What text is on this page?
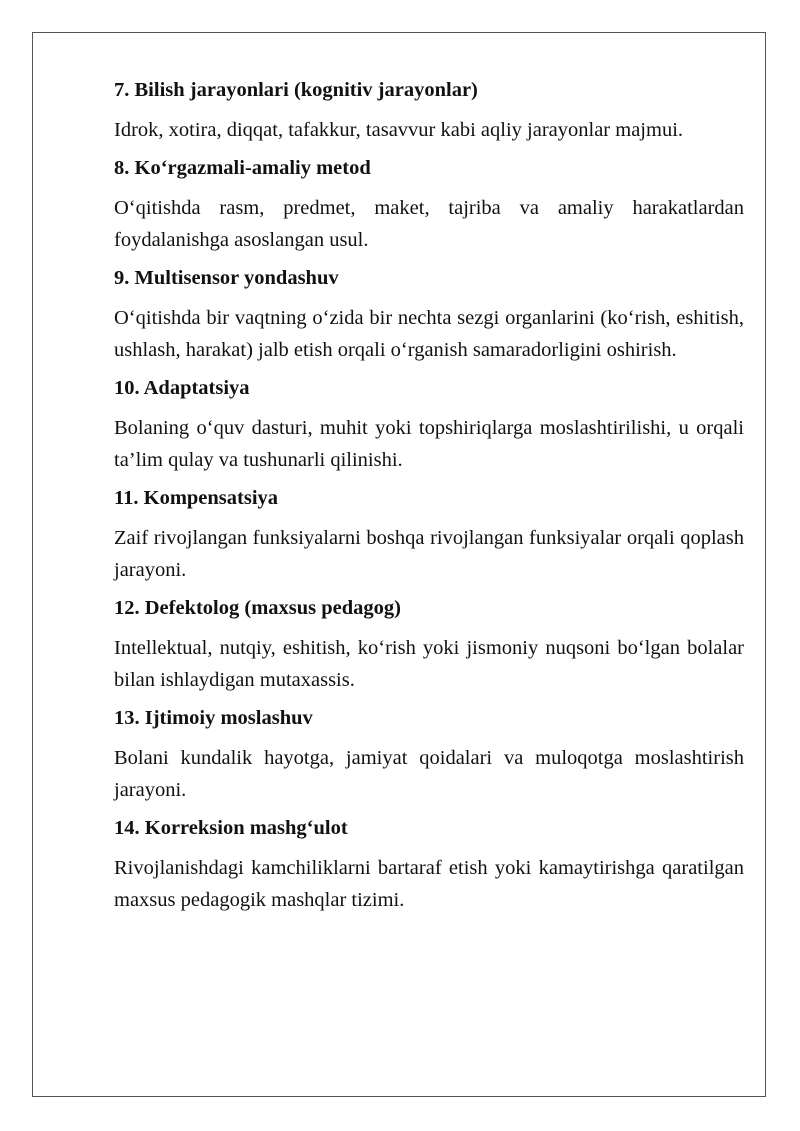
7. Bilish jarayonlari (kognitiv jarayonlar)

Idrok, xotira, diqqat, tafakkur, tasavvur kabi aqliy jarayonlar majmui.

8. Ko‘rgazmali-amaliy metod

O‘qitishda rasm, predmet, maket, tajriba va amaliy harakatlardan foydalanishga asoslangan usul.

9. Multisensor yondashuv

O‘qitishda bir vaqtning o‘zida bir nechta sezgi organlarini (ko‘rish, eshitish, ushlash, harakat) jalb etish orqali o‘rganish samaradorligini oshirish.

10. Adaptatsiya

Bolaning o‘quv dasturi, muhit yoki topshiriqlarga moslashtirilishi, u orqali ta’lim qulay va tushunarli qilinishi.

11. Kompensatsiya

Zaif rivojlangan funksiyalarni boshqa rivojlangan funksiyalar orqali qoplash jarayoni.

12. Defektolog (maxsus pedagog)

Intellektual, nutqiy, eshitish, ko‘rish yoki jismoniy nuqsoni bo‘lgan bolalar bilan ishlaydigan mutaxassis.

13. Ijtimoiy moslashuv

Bolani kundalik hayotga, jamiyat qoidalari va muloqotga moslashtirish jarayoni.

14. Korreksion mashg‘ulot

Rivojlanishdagi kamchiliklarni bartaraf etish yoki kamaytirishga qaratilgan maxsus pedagogik mashqlar tizimi.
